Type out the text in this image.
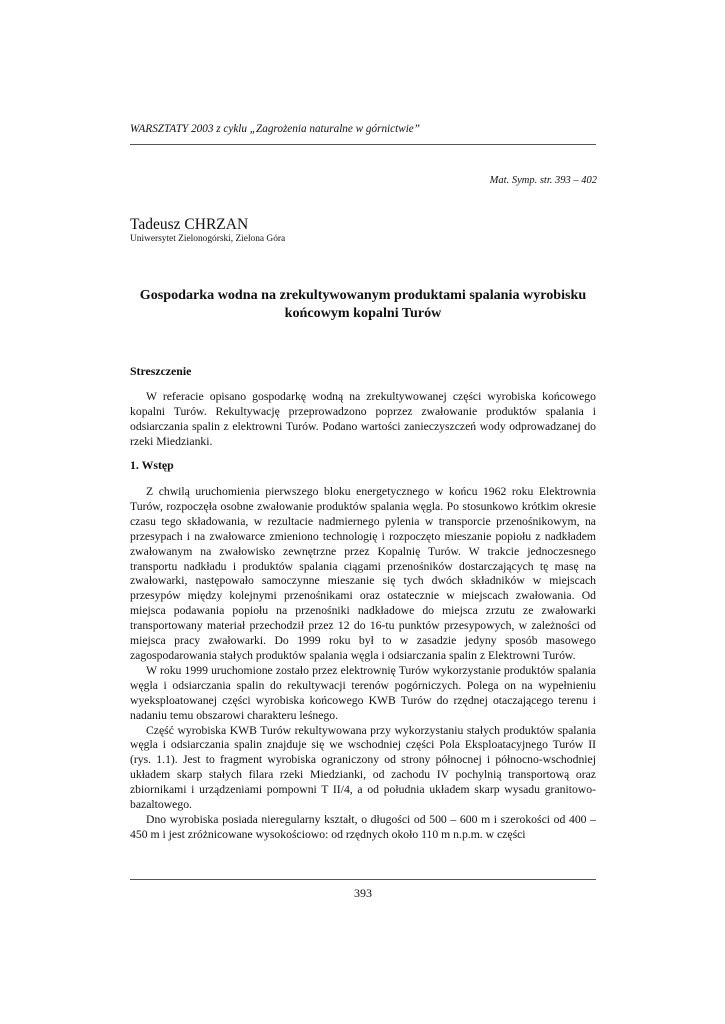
WARSZTATY 2003 z cyklu „Zagrożenia naturalne w górnictwie”
Mat. Symp. str. 393 – 402
Tadeusz CHRZAN
Uniwersytet Zielonogórski, Zielona Góra
Gospodarka wodna na zrekultywowanym produktami spalania wyrobisku końcowym kopalni Turów
Streszczenie

W referacie opisano gospodarkę wodną na zrekultywowanej części wyrobiska końcowego kopalni Turów. Rekultywację przeprowadzono poprzez zwałowanie produktów spalania i odsiarczania spalin z elektrowni Turów. Podano wartości zanieczyszczeń wody odprowadzanej do rzeki Miedzianki.

1. Wstęp

Z chwilą uruchomienia pierwszego bloku energetycznego w końcu 1962 roku Elektrownia Turów, rozpoczęła osobne zwałowanie produktów spalania węgla. Po stosunkowo krótkim okresie czasu tego składowania, w rezultacie nadmiernego pylenia w transporcie przenośnikowym, na przesypach i na zwałowarce zmieniono technologię i rozpoczęto mieszanie popiołu z nadkładem zwałowanym na zwałowisko zewnętrzne przez Kopalnię Turów. W trakcie jednoczesnego transportu nadkładu i produktów spalania ciągami przenośników dostarczających tę masę na zwałowarki, następowało samoczynne mieszanie się tych dwóch składników w miejscach przesypów między kolejnymi przenośnikami oraz ostatecznie w miejscach zwałowania. Od miejsca podawania popiołu na przenośniki nadkładowe do miejsca zrzutu ze zwałowarki transportowany materiał przechodził przez 12 do 16-tu punktów przesypowych, w zależności od miejsca pracy zwałowarki. Do 1999 roku był to w zasadzie jedyny sposób masowego zagospodarowania stałych produktów spalania węgla i odsiarczania spalin z Elektrowni Turów.

W roku 1999 uruchomione zostało przez elektrownię Turów wykorzystanie produktów spalania węgla i odsiarczania spalin do rekultywacji terenów pogórniczych. Polega on na wypełnieniu wyeksploatowanej części wyrobiska końcowego KWB Turów do rzędnej otaczającego terenu i nadaniu temu obszarowi charakteru leśnego.

Część wyrobiska KWB Turów rekultywowana przy wykorzystaniu stałych produktów spalania węgla i odsiarczania spalin znajduje się we wschodniej części Pola Eksploatacyjnego Turów II (rys. 1.1). Jest to fragment wyrobiska ograniczony od strony północnej i północno-wschodniej układem skarp stałych filara rzeki Miedzianki, od zachodu IV pochylnią transportową oraz zbiornikami i urządzeniami pompowni T II/4, a od południa układem skarp wysadu granitowo-bazaltowego.

Dno wyrobiska posiada nieregularny kształt, o długości od 500 – 600 m i szerokości od 400 – 450 m i jest zróżnicowane wysokościowo: od rzędnych około 110 m n.p.m. w części

393
